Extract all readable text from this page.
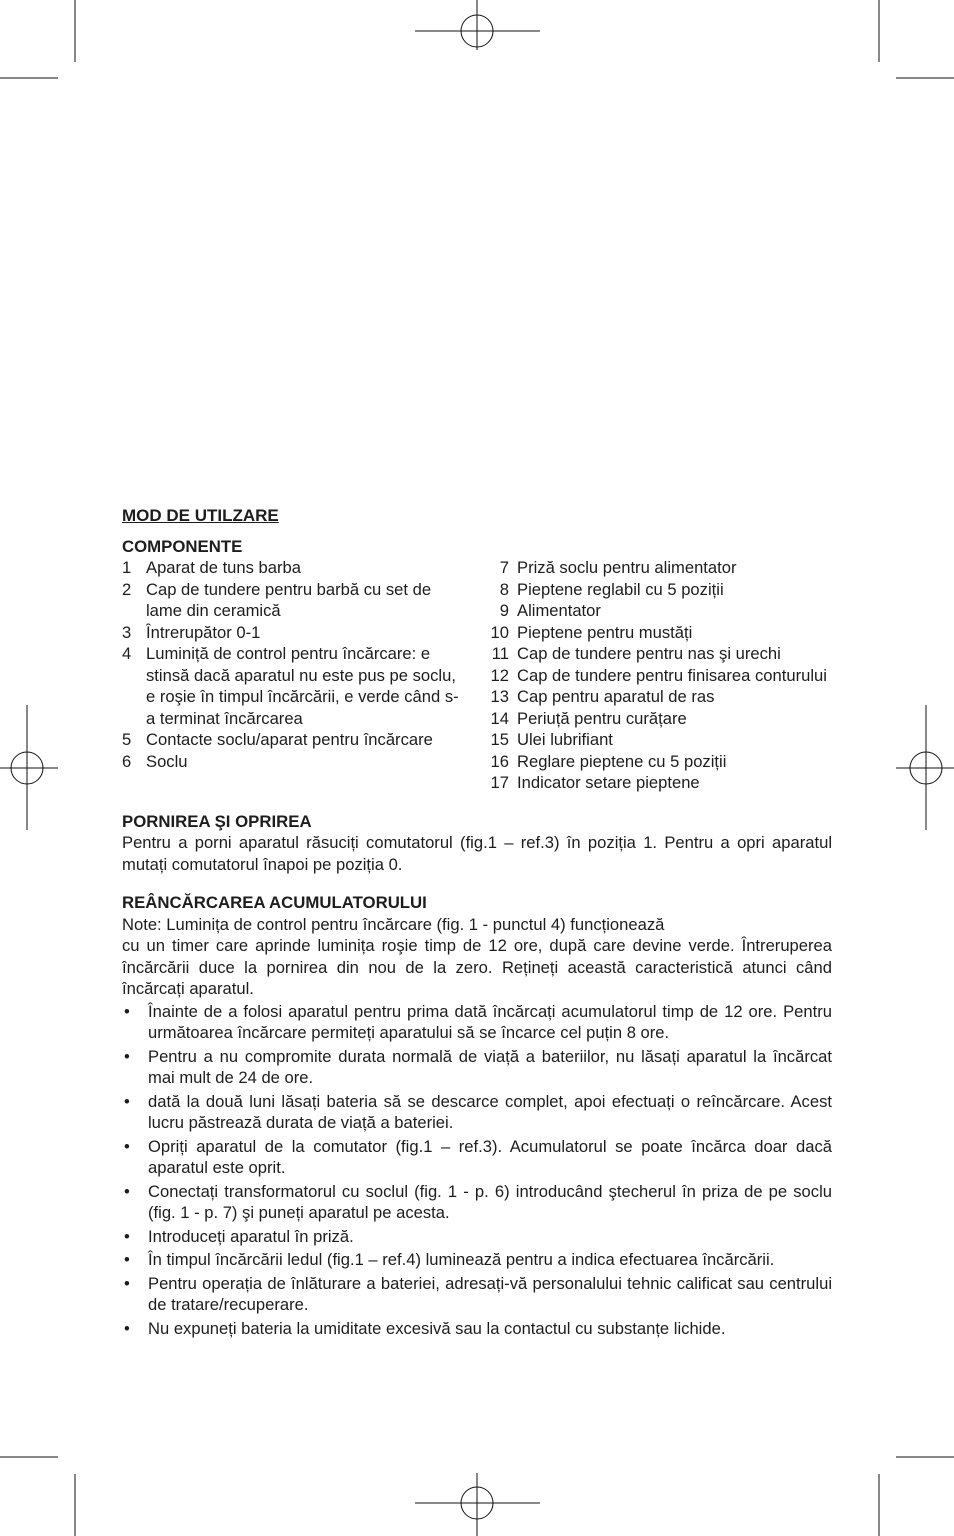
MOD DE UTILZARE
COMPONENTE
1 Aparat de tuns barba
2 Cap de tundere pentru barbă cu set de lame din ceramică
3 Întrerupător 0-1
4 Luminiță de control pentru încărcare: e stinsă dacă aparatul nu este pus pe soclu, e roşie în timpul încărcării, e verde când s-a terminat încărcarea
5 Contacte soclu/aparat pentru încărcare
6 Soclu
7 Priză soclu pentru alimentator
8 Pieptene reglabil cu 5 poziții
9 Alimentator
10 Pieptene pentru mustăți
11 Cap de tundere pentru nas şi urechi
12 Cap de tundere pentru finisarea conturului
13 Cap pentru aparatul de ras
14 Periuță pentru curățare
15 Ulei lubrifiant
16 Reglare pieptene cu 5 poziții
17 Indicator setare pieptene
PORNIREA ŞI OPRIREA

Pentru a porni aparatul răsuciți comutatorul (fig.1 – ref.3) în poziția 1. Pentru a opri aparatul mutați comutatorul înapoi pe poziția 0.

REÂNCĂRCAREA ACUMULATORULUI

Note: Luminița de control pentru încărcare (fig. 1 - punctul 4) funcționează

cu un timer care aprinde luminița roşie timp de 12 ore, după care devine verde. Întreruperea încărcării duce la pornirea din nou de la zero. Rețineți această caracteristică atunci când încărcați aparatul.

•	Înainte de a folosi aparatul pentru prima dată încărcați acumulatorul timp de 12 ore. Pentru următoarea încărcare permiteți aparatului să se încarce cel puțin 8 ore.
•	Pentru a nu compromite durata normală de viață a bateriilor, nu lăsați aparatul la încărcat mai mult de 24 de ore.
•	dată la două luni lăsați bateria să se descarce complet, apoi efectuați o reîncărcare. Acest lucru păstrează durata de viață a bateriei.
•	Opriți aparatul de la comutator (fig.1 – ref.3). Acumulatorul se poate încărca doar dacă aparatul este oprit.
•	Conectați transformatorul cu soclul (fig. 1 - p. 6) introducând ştecherul în priza de pe soclu (fig. 1 - p. 7) şi puneți aparatul pe acesta.
•	Introduceți aparatul în priză.
•	În timpul încărcării ledul (fig.1 – ref.4) luminează pentru a indica efectuarea încărcării.
•	Pentru operația de înlăturare a bateriei, adresați-vă personalului tehnic calificat sau centrului de tratare/recuperare.
•	Nu expuneți bateria la umiditate excesivă sau la contactul cu substanțe lichide.
